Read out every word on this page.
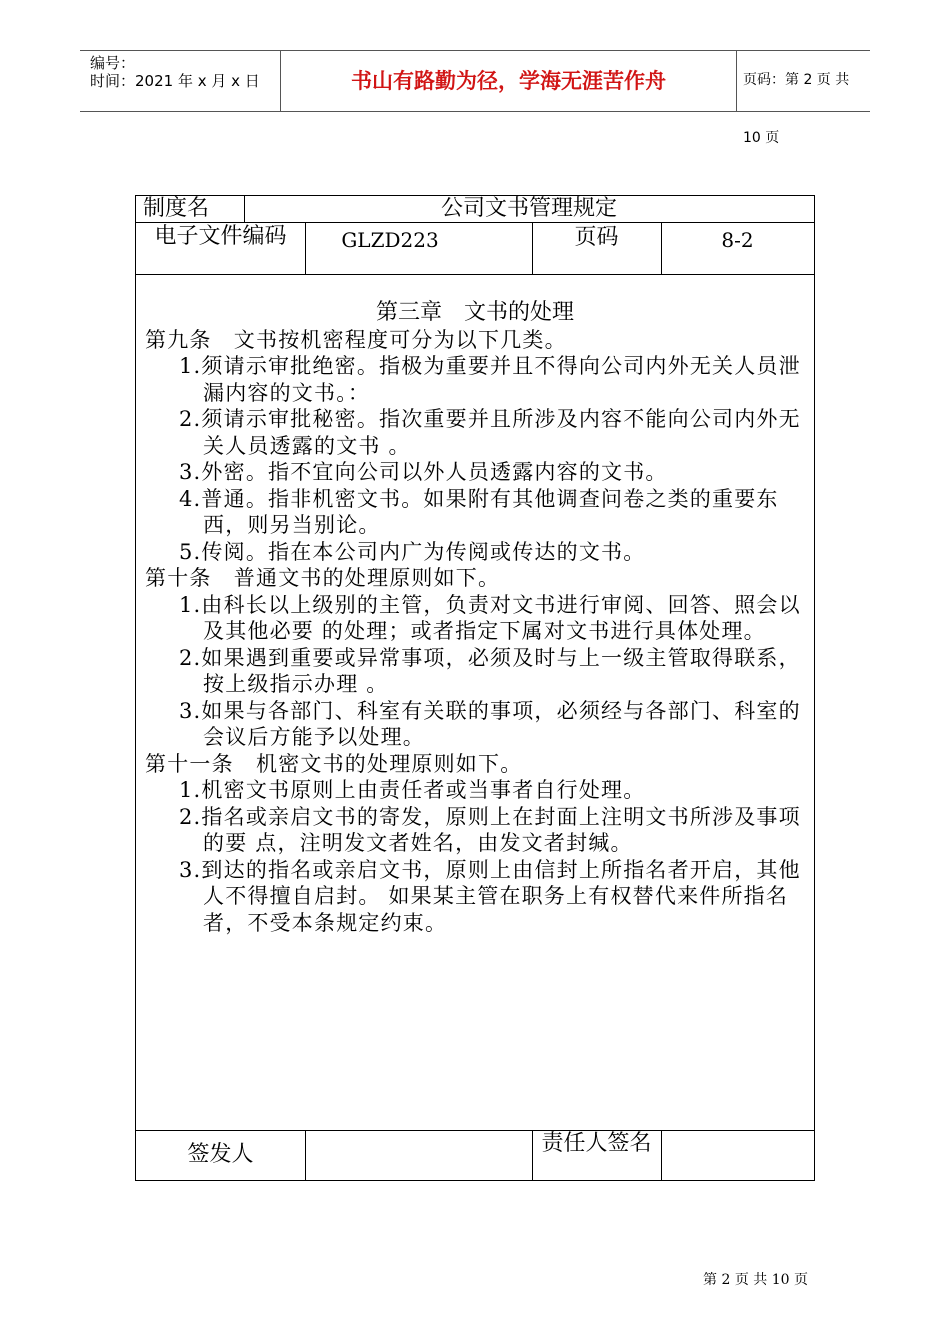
编号：
时间：2021 年 x 月 x 日	书山有路勤为径，学海无涯苦作舟	页码：第 2 页 共 10 页
制度名	公司文书管理规定
电子文件编码	GLZD223	页码	8-2
签发人	责任人签名
第三章　文书的处理

第九条　文书按机密程度可分为以下几类。

1.须请示审批绝密。指极为重要并且不得向公司内外无关人员泄漏内容的文书。：

2.须请示审批秘密。指次重要并且所涉及内容不能向公司内外无关人员透露的文书 。

3.外密。指不宜向公司以外人员透露内容的文书。

4.普通。指非机密文书。如果附有其他调查问卷之类的重要东西，则另当别论。

5.传阅。指在本公司内广为传阅或传达的文书。

第十条　普通文书的处理原则如下。

1.由科长以上级别的主管，负责对文书进行审阅、回答、照会以及其他必要 的处理；或者指定下属对文书进行具体处理。

2.如果遇到重要或异常事项，必须及时与上一级主管取得联系，按上级指示办理 。

3.如果与各部门、科室有关联的事项，必须经与各部门、科室的会议后方能予以处理。

第十一条　机密文书的处理原则如下。

1.机密文书原则上由责任者或当事者自行处理。

2.指名或亲启文书的寄发，原则上在封面上注明文书所涉及事项的要 点，注明发文者姓名，由发文者封缄。

3.到达的指名或亲启文书，原则上由信封上所指名者开启，其他人不得擅自启封。 如果某主管在职务上有权替代来件所指名者，不受本条规定约束。

第 2 页 共 10 页
